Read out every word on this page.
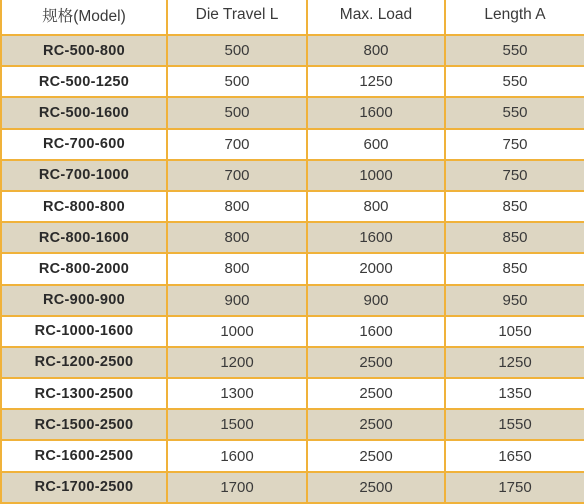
规格(Model)	Die Travel L	Max. Load	Length A
RC-500-800	500	800	550
RC-500-1250	500	1250	550
RC-500-1600	500	1600	550
RC-700-600	700	600	750
RC-700-1000	700	1000	750
RC-800-800	800	800	850
RC-800-1600	800	1600	850
RC-800-2000	800	2000	850
RC-900-900	900	900	950
RC-1000-1600	1000	1600	1050
RC-1200-2500	1200	2500	1250
RC-1300-2500	1300	2500	1350
RC-1500-2500	1500	2500	1550
RC-1600-2500	1600	2500	1650
RC-1700-2500	1700	2500	1750
